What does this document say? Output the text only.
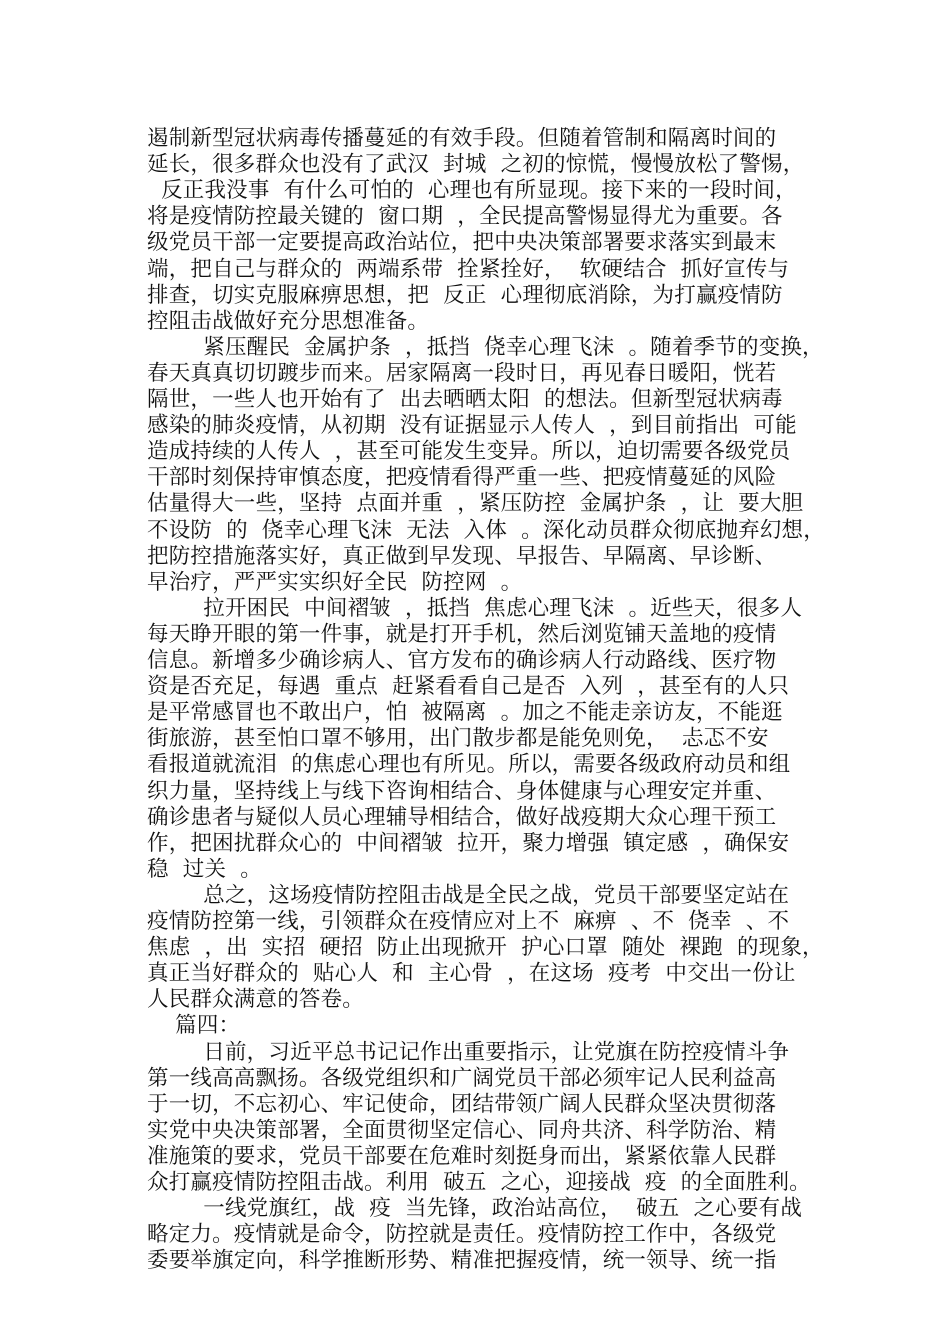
遏制新型冠状病毒传播蔓延的有效手段。但随着管制和隔离时间的
延长，很多群众也没有了武汉  封城  之初的惊慌，慢慢放松了警惕，
反正我没事  有什么可怕的  心理也有所显现。接下来的一段时间，
将是疫情防控最关键的  窗口期  ，全民提高警惕显得尤为重要。各
级党员干部一定要提高政治站位，把中央决策部署要求落实到最末
端，把自己与群众的  两端系带  拴紧拴好，  软硬结合  抓好宣传与
排查，切实克服麻痹思想，把  反正  心理彻底消除，为打赢疫情防
控阻击战做好充分思想准备。
紧压醒民  金属护条  ，抵挡  侥幸心理飞沫  。随着季节的变换，
春天真真切切踱步而来。居家隔离一段时日，再见春日暖阳，恍若
隔世，一些人也开始有了  出去晒晒太阳  的想法。但新型冠状病毒
感染的肺炎疫情，从初期  没有证据显示人传人  ，到目前指出  可能
造成持续的人传人  ，甚至可能发生变异。所以，迫切需要各级党员
干部时刻保持审慎态度，把疫情看得严重一些、把疫情蔓延的风险
估量得大一些，坚持  点面并重  ，紧压防控  金属护条  ，让  要大胆
不设防  的  侥幸心理飞沫  无法  入体  。深化动员群众彻底抛弃幻想，
把防控措施落实好，真正做到早发现、早报告、早隔离、早诊断、
早治疗，严严实实织好全民  防控网  。
拉开困民  中间褶皱  ，抵挡  焦虑心理飞沫  。近些天，很多人
每天睁开眼的第一件事，就是打开手机，然后浏览铺天盖地的疫情
信息。新增多少确诊病人、官方发布的确诊病人行动路线、医疗物
资是否充足，每遇  重点  赶紧看看自己是否  入列  ，甚至有的人只
是平常感冒也不敢出户，怕  被隔离  。加之不能走亲访友，不能逛
街旅游，甚至怕口罩不够用，出门散步都是能免则免，  忐忑不安
看报道就流泪  的焦虑心理也有所见。所以，需要各级政府动员和组
织力量，坚持线上与线下咨询相结合、身体健康与心理安定并重、
确诊患者与疑似人员心理辅导相结合，做好战疫期大众心理干预工
作，把困扰群众心的  中间褶皱  拉开，聚力增强  镇定感  ，确保安
稳  过关  。
总之，这场疫情防控阻击战是全民之战，党员干部要坚定站在
疫情防控第一线，引领群众在疫情应对上不  麻痹  、不  侥幸  、不
焦虑  ，出  实招  硬招  防止出现掀开  护心口罩  随处  裸跑  的现象，
真正当好群众的  贴心人  和  主心骨  ，在这场  疫考  中交出一份让
人民群众满意的答卷。
篇四：
日前，习近平总书记记作出重要指示，让党旗在防控疫情斗争
第一线高高飘扬。各级党组织和广阔党员干部必须牢记人民利益高
于一切，不忘初心、牢记使命，团结带领广阔人民群众坚决贯彻落
实党中央决策部署，全面贯彻坚定信心、同舟共济、科学防治、精
准施策的要求，党员干部要在危难时刻挺身而出，紧紧依靠人民群
众打赢疫情防控阻击战。利用  破五  之心，迎接战  疫  的全面胜利。
一线党旗红，战  疫  当先锋，政治站高位，  破五  之心要有战
略定力。疫情就是命令，防控就是责任。疫情防控工作中，各级党
委要举旗定向，科学推断形势、精准把握疫情，统一领导、统一指
